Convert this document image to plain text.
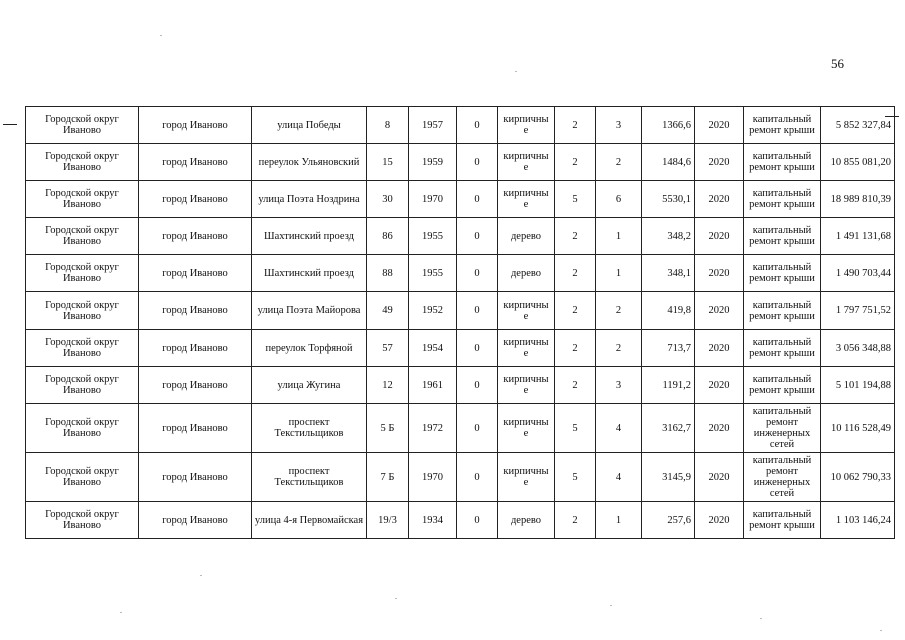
56
Городской округ Иваново	город Иваново	улица Победы	8	1957	0	кирпичны е	2	3	1366,6	2020	капитальный ремонт крыши	5 852 327,84
Городской округ Иваново	город Иваново	переулок Ульяновский	15	1959	0	кирпичны е	2	2	1484,6	2020	капитальный ремонт крыши	10 855 081,20
Городской округ Иваново	город Иваново	улица Поэта Ноздрина	30	1970	0	кирпичны е	5	6	5530,1	2020	капитальный ремонт крыши	18 989 810,39
Городской округ Иваново	город Иваново	Шахтинский проезд	86	1955	0	дерево	2	1	348,2	2020	капитальный ремонт крыши	1 491 131,68
Городской округ Иваново	город Иваново	Шахтинский проезд	88	1955	0	дерево	2	1	348,1	2020	капитальный ремонт крыши	1 490 703,44
Городской округ Иваново	город Иваново	улица Поэта Майорова	49	1952	0	кирпичны е	2	2	419,8	2020	капитальный ремонт крыши	1 797 751,52
Городской округ Иваново	город Иваново	переулок Торфяной	57	1954	0	кирпичны е	2	2	713,7	2020	капитальный ремонт крыши	3 056 348,88
Городской округ Иваново	город Иваново	улица Жугина	12	1961	0	кирпичны е	2	3	1191,2	2020	капитальный ремонт крыши	5 101 194,88
Городской округ Иваново	город Иваново	проспект Текстильщиков	5 Б	1972	0	кирпичны е	5	4	3162,7	2020	капитальный ремонт инженерных сетей	10 116 528,49
Городской округ Иваново	город Иваново	проспект Текстильщиков	7 Б	1970	0	кирпичны е	5	4	3145,9	2020	капитальный ремонт инженерных сетей	10 062 790,33
Городской округ Иваново	город Иваново	улица 4-я Первомайская	19/3	1934	0	дерево	2	1	257,6	2020	капитальный ремонт крыши	1 103 146,24
